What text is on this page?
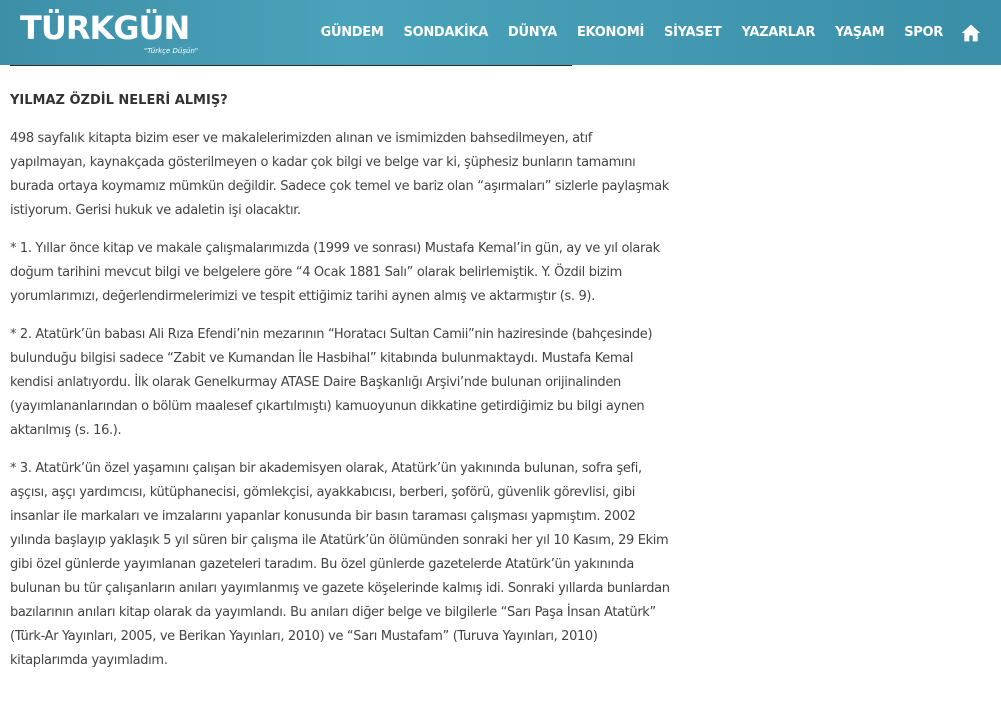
TÜRKGÜN
"Türkçe Düşün"
GÜNDEM	SONDAKİKA	DÜNYA	EKONOMİ	SİYASET	YAZARLAR	YAŞAM	SPOR
YILMAZ ÖZDİL NELERİ ALMIŞ?

498 sayfalık kitapta bizim eser ve makalelerimizden alınan ve ismimizden bahsedilmeyen, atıf yapılmayan, kaynakçada gösterilmeyen o kadar çok bilgi ve belge var ki, şüphesiz bunların tamamını burada ortaya koymamız mümkün değildir. Sadece çok temel ve bariz olan “aşırmaları” sizlerle paylaşmak istiyorum. Gerisi hukuk ve adaletin işi olacaktır.

* 1. Yıllar önce kitap ve makale çalışmalarımızda (1999 ve sonrası) Mustafa Kemal’in gün, ay ve yıl olarak doğum tarihini mevcut bilgi ve belgelere göre “4 Ocak 1881 Salı” olarak belirlemiştik. Y. Özdil bizim yorumlarımızı, değerlendirmelerimizi ve tespit ettiğimiz tarihi aynen almış ve aktarmıştır (s. 9).

* 2. Atatürk’ün babası Ali Rıza Efendi’nin mezarının “Horatacı Sultan Camii”nin haziresinde (bahçesinde) bulunduğu bilgisi sadece “Zabit ve Kumandan İle Hasbihal” kitabında bulunmaktaydı. Mustafa Kemal kendisi anlatıyordu. İlk olarak Genelkurmay ATASE Daire Başkanlığı Arşivi’nde bulunan orijinalinden (yayımlananlarından o bölüm maalesef çıkartılmıştı) kamuoyunun dikkatine getirdiğimiz bu bilgi aynen aktarılmış (s. 16.).

* 3. Atatürk’ün özel yaşamını çalışan bir akademisyen olarak, Atatürk’ün yakınında bulunan, sofra şefi, aşçısı, aşçı yardımcısı, kütüphanecisi, gömlekçisi, ayakkabıcısı, berberi, şoförü, güvenlik görevlisi, gibi insanlar ile markaları ve imzalarını yapanlar konusunda bir basın taraması çalışması yapmıştım. 2002 yılında başlayıp yaklaşık 5 yıl süren bir çalışma ile Atatürk’ün ölümünden sonraki her yıl 10 Kasım, 29 Ekim gibi özel günlerde yayımlanan gazeteleri taradım. Bu özel günlerde gazetelerde Atatürk’ün yakınında bulunan bu tür çalışanların anıları yayımlanmış ve gazete köşelerinde kalmış idi. Sonraki yıllarda bunlardan bazılarının anıları kitap olarak da yayımlandı. Bu anıları diğer belge ve bilgilerle “Sarı Paşa İnsan Atatürk” (Türk-Ar Yayınları, 2005, ve Berikan Yayınları, 2010) ve “Sarı Mustafam” (Turuva Yayınları, 2010) kitaplarımda yayımladım.
